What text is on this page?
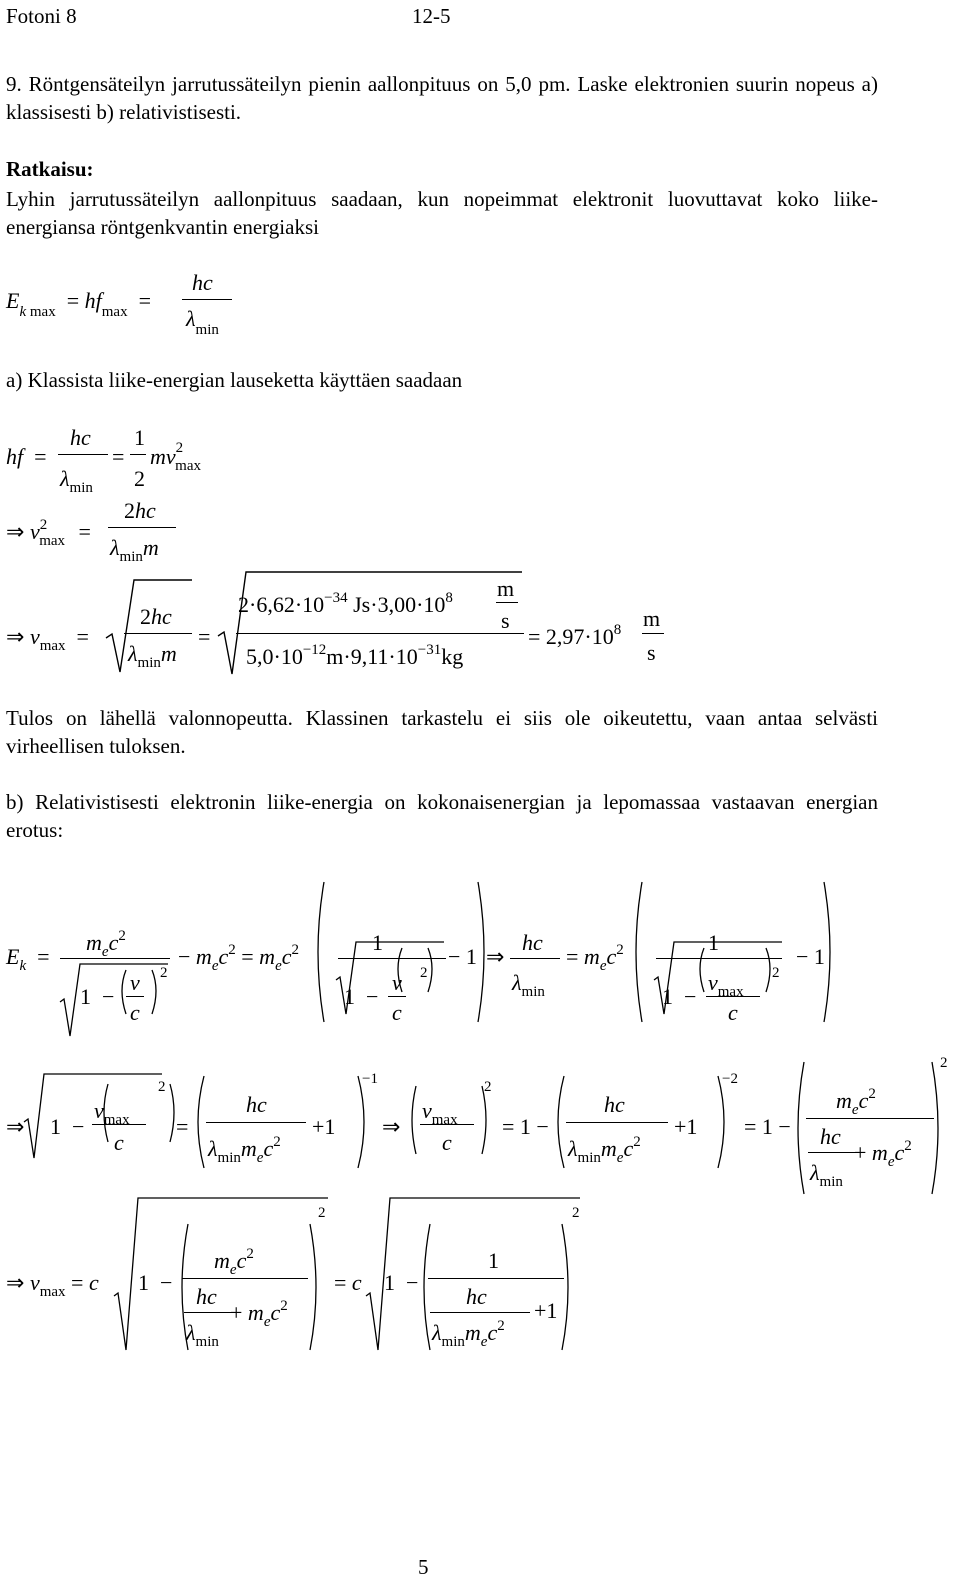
Fotoni 8	12-5
9. Röntgensäteilyn jarrutussäteilyn pienin aallonpituus on 5,0 pm. Laske elektronien suurin nopeus a) klassisesti b) relativistisesti.
Ratkaisu:
Lyhin jarrutussäteilyn aallonpituus saadaan, kun nopeimmat elektronit luovuttavat koko liike-energiansa röntgenkvantin energiaksi
$E_k$ $_{max} = hf_{max}$  =
hc
$\lambda_{min}$
a) Klassista liike-energian lauseketta käyttäen saadaan
hf  =
hc
$\lambda_{min}$
=
1
2
$mv^2_{max}$
⇒ $v^2_{max}$ =
2hc
$\lambda_{min}m$
⇒ $v_{max}$  =
2hc
$\lambda_{min}m$
=
$2\cdot 6,62\cdot 10^{-34}$ $Js\cdot 3,00\cdot 10^8$ m
s
$5,0\cdot 10^{-12}m\cdot 9,11\cdot 10^{-31}kg$
= $2,97\cdot 10^8$ m
s
Tulos on lähellä valonnopeutta. Klassinen tarkastelu ei siis ole oikeutettu, vaan antaa selvästi virheellisen tuloksen.
b) Relativistisesti elektronin liike-energia on kokonaisenergian ja lepomassaa vastaavan energian erotus:
$E_k$  =
$m_ec^2$
1  −
v
c
2
− $m_ec^2 = m_ec^2$	1
1  −
v
c
2
− 1 ⇒
hc
$\lambda_{min}$
= $m_ec^2$	1
1  −
$v_{max}$
c
2
− 1
⇒ 1  −
$v_{max}$
c
2
=
hc
$\lambda_{min}m_ec^2$
+1
−1
⇒
$v_{max}$
c
2
= 1 −
hc
$\lambda_{min}m_ec^2$
+1
−2
= 1 −
$m_ec^2$
hc
$\lambda_{min}$
+ $m_ec^2$
2
⇒ $v_{max} = c$ 1  −
$m_ec^2$
hc
$\lambda_{min}$
+ $m_ec^2$
2
= c 1  −
1
hc
$\lambda_{min}m_ec^2$
+1
2
5
